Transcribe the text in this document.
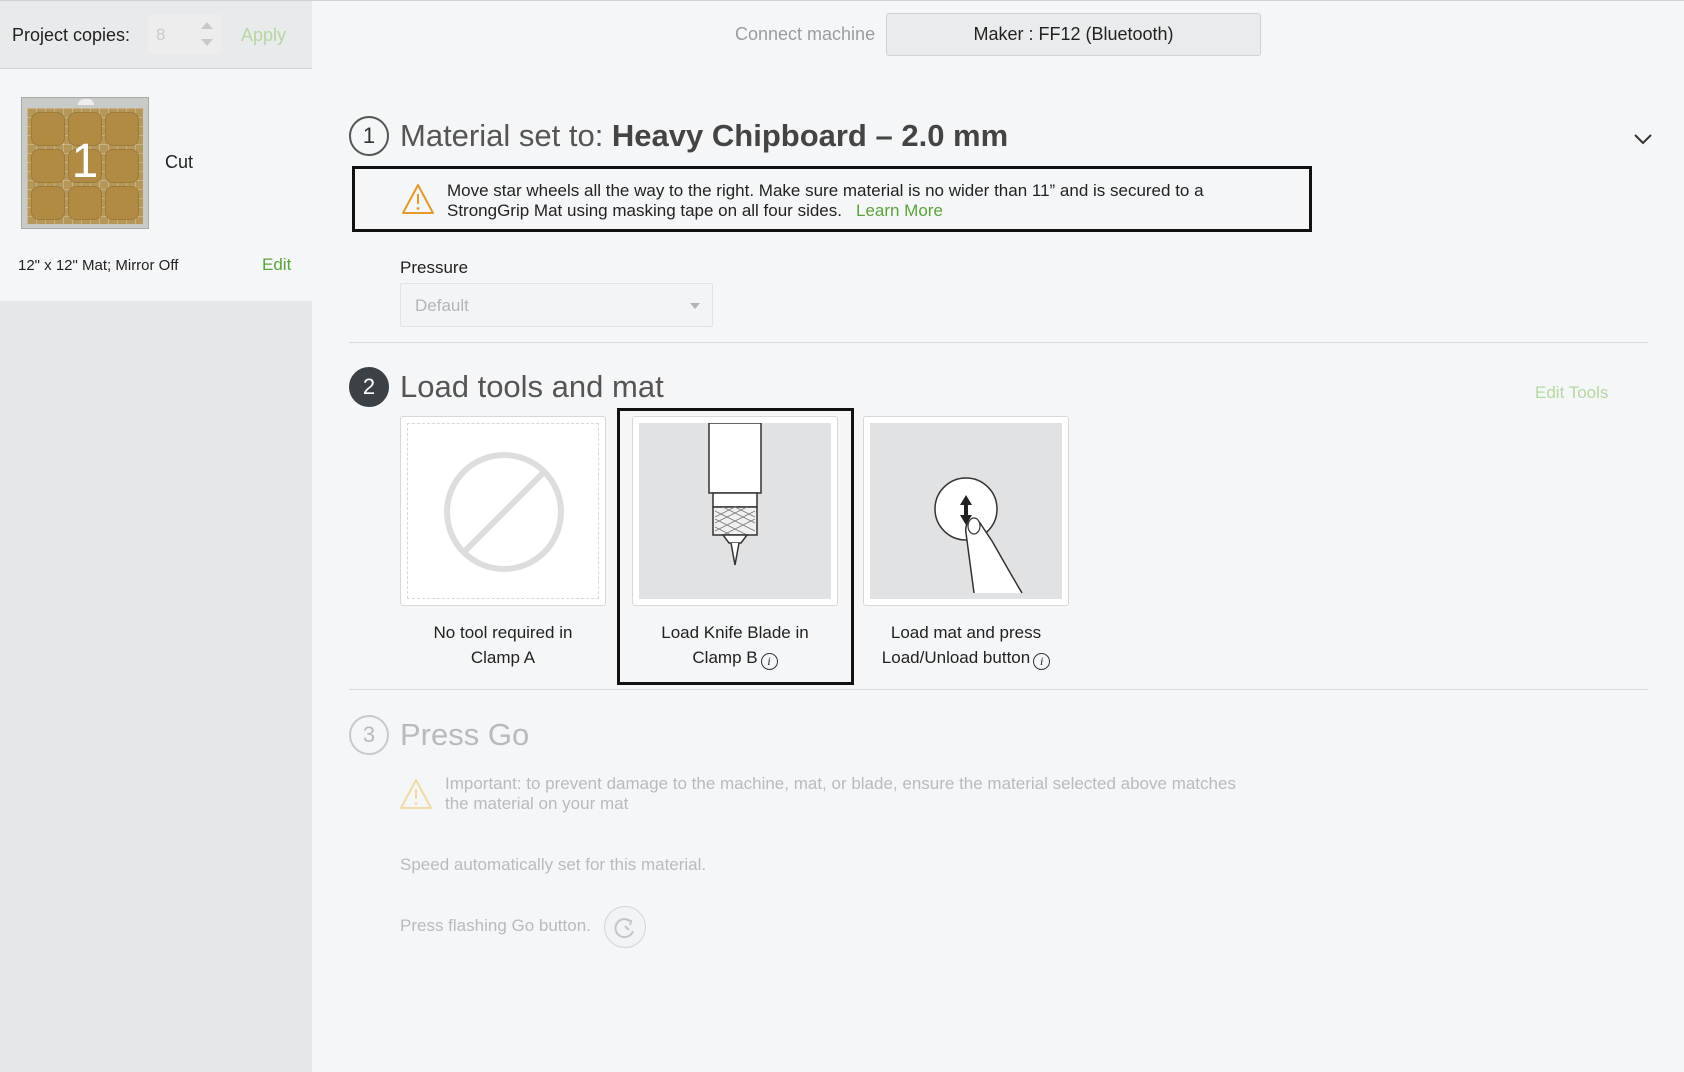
Project copies: 8	Apply
1	Cut
12" x 12" Mat; Mirror Off	Edit
Connect machine	Maker : FF12 (Bluetooth)
1 Material set to: Heavy Chipboard – 2.0 mm
Move star wheels all the way to the right. Make sure material is no wider than 11” and is secured to a StrongGrip Mat using masking tape on all four sides. Learn More
Pressure
Default
2 Load tools and mat	Edit Tools
No tool required in
Clamp A
Load Knife Blade in
Clamp B i
Load mat and press
Load/Unload button i
3 Press Go
Important: to prevent damage to the machine, mat, or blade, ensure the material selected above matches the material on your mat
Speed automatically set for this material.
Press flashing Go button.
